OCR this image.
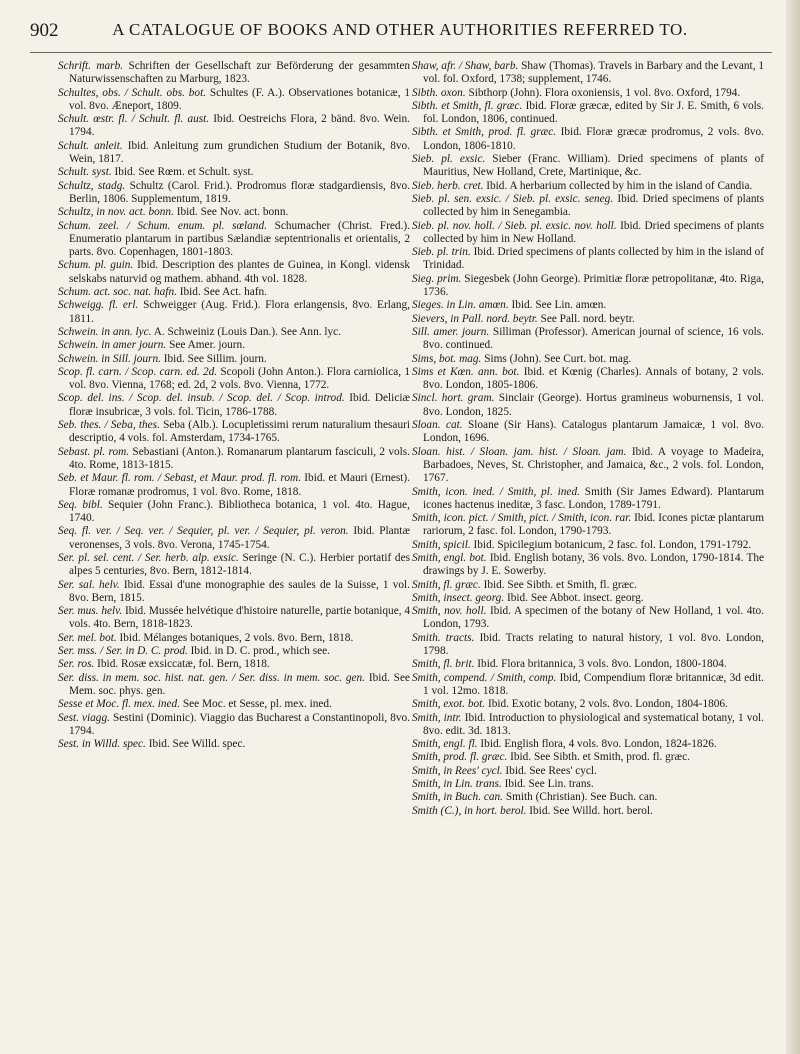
902	A CATALOGUE OF BOOKS AND OTHER AUTHORITIES REFERRED TO.

Schrift. marb. Schriften der Gesellschaft zur Beförderung der gesammten Naturwissenschaften zu Marburg, 1823.

Schultes, obs. / Schult. obs. bot. Schultes (F. A.). Observationes botanicæ, 1 vol. 8vo. Æneport, 1809.

Schult. œstr. fl. / Schult. fl. aust. Ibid. Oestreichs Flora, 2 bänd. 8vo. Wein. 1794.

Schult. anleit. Ibid. Anleitung zum grundichen Studium der Botanik, 8vo. Wein, 1817.

Schult. syst. Ibid. See Rœm. et Schult. syst.

Schultz, stadg. Schultz (Carol. Frid.). Prodromus floræ stadgardiensis, 8vo. Berlin, 1806. Supplementum, 1819.

Schultz, in nov. act. bonn. Ibid. See Nov. act. bonn.

Schum. zeel. / Schum. enum. pl. sœland. Schumacher (Christ. Fred.). Enumeratio plantarum in partibus Sælandiæ septentrionalis et orientalis, 2 parts. 8vo. Copenhagen, 1801-1803.

Schum. pl. guin. Ibid. Description des plantes de Guinea, in Kongl. vidensk selskabs naturvid og mathem. abhand. 4th vol. 1828.

Schum. act. soc. nat. hafn. Ibid. See Act. hafn.

Schweigg. fl. erl. Schweigger (Aug. Frid.). Flora erlangensis, 8vo. Erlang, 1811.

Schwein. in ann. lyc. A. Schweiniz (Louis Dan.). See Ann. lyc.

Schwein. in amer journ. See Amer. journ.

Schwein. in Sill. journ. Ibid. See Sillim. journ.

Scop. fl. carn. / Scop. carn. ed. 2d. Scopoli (John Anton.). Flora carniolica, 1 vol. 8vo. Vienna, 1768; ed. 2d, 2 vols. 8vo. Vienna, 1772.

Scop. del. ins. / Scop. del. insub. / Scop. del. / Scop. introd. Ibid. Deliciæ floræ insubricæ, 3 vols. fol. Ticin, 1786-1788.

Seb. thes. / Seba, thes. Seba (Alb.). Locupletissimi rerum naturalium thesauri descriptio, 4 vols. fol. Amsterdam, 1734-1765.

Sebast. pl. rom. Sebastiani (Anton.). Romanarum plantarum fasciculi, 2 vols. 4to. Rome, 1813-1815.

Seb. et Maur. fl. rom. / Sebast, et Maur. prod. fl. rom. Ibid. et Mauri (Ernest). Floræ romanæ prodromus, 1 vol. 8vo. Rome, 1818.

Seq. bibl. Sequier (John Franc.). Bibliotheca botanica, 1 vol. 4to. Hague, 1740.

Seq. fl. ver. / Seq. ver. / Sequier, pl. ver. / Sequier, pl. veron. Ibid. Plantæ veronenses, 3 vols. 8vo. Verona, 1745-1754.

Ser. pl. sel. cent. / Ser. herb. alp. exsic. Seringe (N. C.). Herbier portatif des alpes 5 centuries, 8vo. Bern, 1812-1814.

Ser. sal. helv. Ibid. Essai d'une monographie des saules de la Suisse, 1 vol. 8vo. Bern, 1815.

Ser. mus. helv. Ibid. Mussée helvétique d'histoire naturelle, partie botanique, 4 vols. 4to. Bern, 1818-1823.

Ser. mel. bot. Ibid. Mélanges botaniques, 2 vols. 8vo. Bern, 1818.

Ser. mss. / Ser. in D. C. prod. Ibid. in D. C. prod., which see.

Ser. ros. Ibid. Rosæ exsiccatæ, fol. Bern, 1818.

Ser. diss. in mem. soc. hist. nat. gen. / Ser. diss. in mem. soc. gen. Ibid. See Mem. soc. phys. gen.

Sesse et Moc. fl. mex. ined. See Moc. et Sesse, pl. mex. ined.

Sest. viagg. Sestini (Dominic). Viaggio das Bucharest a Constantinopoli, 8vo. 1794.

Sest. in Willd. spec. Ibid. See Willd. spec.

Shaw, afr. / Shaw, barb. Shaw (Thomas). Travels in Barbary and the Levant, 1 vol. fol. Oxford, 1738; supplement, 1746.

Sibth. oxon. Sibthorp (John). Flora oxoniensis, 1 vol. 8vo. Oxford, 1794.

Sibth. et Smith, fl. græc. Ibid. Floræ græcæ, edited by Sir J. E. Smith, 6 vols. fol. London, 1806, continued.

Sibth. et Smith, prod. fl. græc. Ibid. Floræ græcæ prodromus, 2 vols. 8vo. London, 1806-1810.

Sieb. pl. exsic. Sieber (Franc. William). Dried specimens of plants of Mauritius, New Holland, Crete, Martinique, &c.

Sieb. herb. cret. Ibid. A herbarium collected by him in the island of Candia.

Sieb. pl. sen. exsic. / Sieb. pl. exsic. seneg. Ibid. Dried specimens of plants collected by him in Senegambia.

Sieb. pl. nov. holl. / Sieb. pl. exsic. nov. holl. Ibid. Dried specimens of plants collected by him in New Holland.

Sieb. pl. trin. Ibid. Dried specimens of plants collected by him in the island of Trinidad.

Sieg. prim. Siegesbek (John George). Primitiæ floræ petropolitanæ, 4to. Riga, 1736.

Sieges. in Lin. amœn. Ibid. See Lin. amœn.

Sievers, in Pall. nord. beytr. See Pall. nord. beytr.

Sill. amer. journ. Silliman (Professor). American journal of science, 16 vols. 8vo. continued.

Sims, bot. mag. Sims (John). See Curt. bot. mag.

Sims et Kœn. ann. bot. Ibid. et Kœnig (Charles). Annals of botany, 2 vols. 8vo. London, 1805-1806.

Sincl. hort. gram. Sinclair (George). Hortus gramineus woburnensis, 1 vol. 8vo. London, 1825.

Sloan. cat. Sloane (Sir Hans). Catalogus plantarum Jamaicæ, 1 vol. 8vo. London, 1696.

Sloan. hist. / Sloan. jam. hist. / Sloan. jam. Ibid. A voyage to Madeira, Barbadoes, Neves, St. Christopher, and Jamaica, &c., 2 vols. fol. London, 1767.

Smith, icon. ined. / Smith, pl. ined. Smith (Sir James Edward). Plantarum icones hactenus ineditæ, 3 fasc. London, 1789-1791.

Smith, icon. pict. / Smith, pict. / Smith, icon. rar. Ibid. Icones pictæ plantarum rariorum, 2 fasc. fol. London, 1790-1793.

Smith, spicil. Ibid. Spicilegium botanicum, 2 fasc. fol. London, 1791-1792.

Smith, engl. bot. Ibid. English botany, 36 vols. 8vo. London, 1790-1814. The drawings by J. E. Sowerby.

Smith, fl. græc. Ibid. See Sibth. et Smith, fl. græc.

Smith, insect. georg. Ibid. See Abbot. insect. georg.

Smith, nov. holl. Ibid. A specimen of the botany of New Holland, 1 vol. 4to. London, 1793.

Smith. tracts. Ibid. Tracts relating to natural history, 1 vol. 8vo. London, 1798.

Smith, fl. brit. Ibid. Flora britannica, 3 vols. 8vo. London, 1800-1804.

Smith, compend. / Smith, comp. Ibid, Compendium floræ britannicæ, 3d edit. 1 vol. 12mo. 1818.

Smith, exot. bot. Ibid. Exotic botany, 2 vols. 8vo. London, 1804-1806.

Smith, intr. Ibid. Introduction to physiological and systematical botany, 1 vol. 8vo. edit. 3d. 1813.

Smith, engl. fl. Ibid. English flora, 4 vols. 8vo. London, 1824-1826.

Smith, prod. fl. græc. Ibid. See Sibth. et Smith, prod. fl. græc.

Smith, in Rees' cycl. Ibid. See Rees' cycl.

Smith, in Lin. trans. Ibid. See Lin. trans.

Smith, in Buch. can. Smith (Christian). See Buch. can.

Smith (C.), in hort. berol. Ibid. See Willd. hort. berol.
